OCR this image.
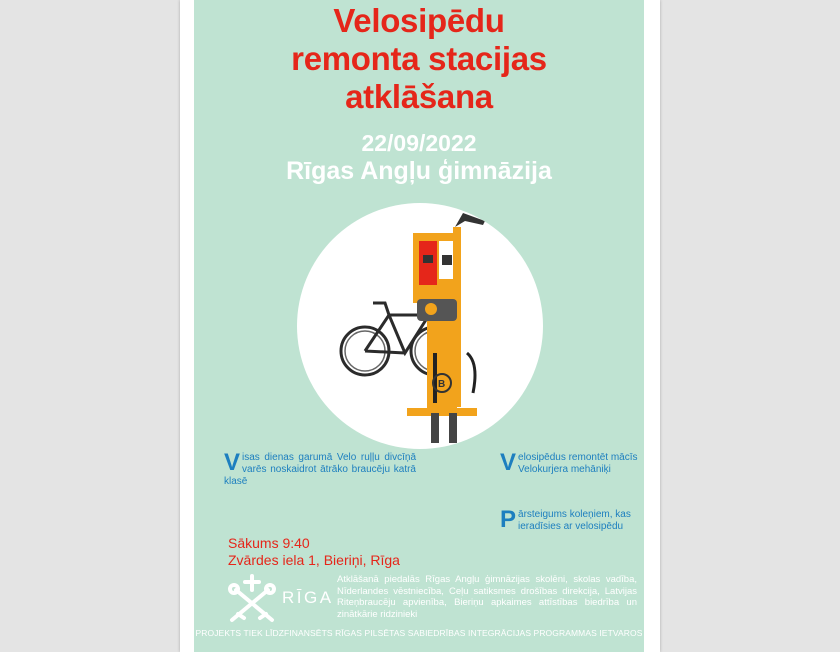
Velosipēdu
remonta stacijas
atklāšana
22/09/2022
Rīgas Angļu ģimnāzija
B
V isas dienas garumā Velo ruļļu divcīņā varēs noskaidrot ātrāko braucēju katrā klasē
V elosipēdus remontēt mācīs Velokurjera mehāniķi
P ārsteigums koleņiem, kas ieradīsies ar velosipēdu
Sākums 9:40
Zvārdes iela 1, Bieriņi, Rīga
RĪGA
Atklāšanā piedalās Rīgas Angļu ģimnāzijas skolēni, skolas vadība, Nīderlandes vēstniecība, Ceļu satiksmes drošības direkcija, Latvijas Riteņbraucēju apvienība, Bieriņu apkaimes attīstības biedrība un zinātkārie ridzinieki
PROJEKTS TIEK LĪDZFINANSĒTS RĪGAS PILSĒTAS SABIEDRĪBAS INTEGRĀCIJAS PROGRAMMAS IETVAROS
